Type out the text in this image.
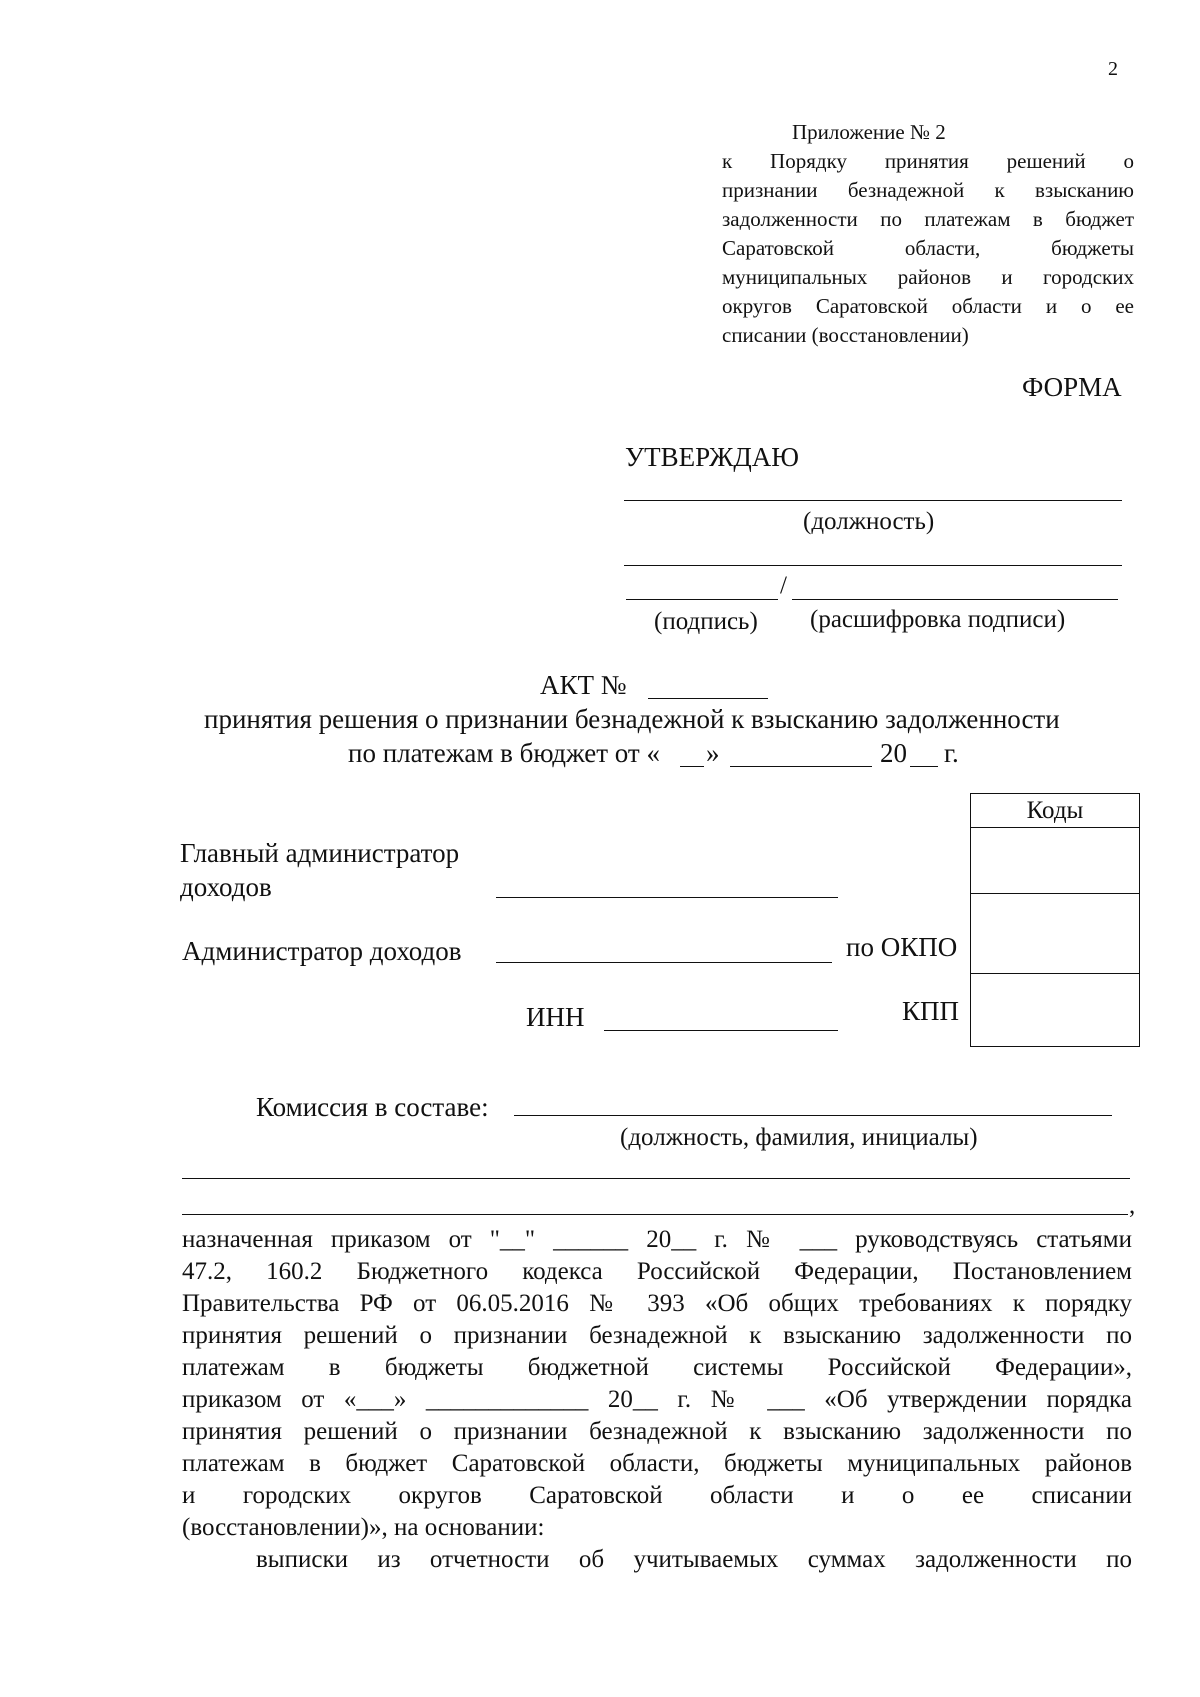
2
Приложение № 2
к Порядку принятия решений о
признании безнадежной к взысканию
задолженности по платежам в бюджет
Саратовской области, бюджеты
муниципальных районов и городских
округов Саратовской области и о ее
списании (восстановлении)
ФОРМА
УТВЕРЖДАЮ
(должность)
/
(подпись) (расшифровка подписи)
АКТ №
принятия решения о признании безнадежной к взысканию задолженности
по платежам в бюджет от « »	20 г.
Коды
Главный администратор
доходов
Администратор доходов	по ОКПО
ИНН	КПП
Комиссия в составе:
(должность, фамилия, инициалы)
,
назначенная приказом от "__" ______ 20__ г. № ___ руководствуясь статьями
47.2, 160.2 Бюджетного кодекса Российской Федерации, Постановлением
Правительства РФ от 06.05.2016 № 393 «Об общих требованиях к порядку
принятия решений о признании безнадежной к взысканию задолженности по
платежам в бюджеты бюджетной системы Российской Федерации»,
приказом от «___» _____________ 20__ г. № ___ «Об утверждении порядка
принятия решений о признании безнадежной к взысканию задолженности по
платежам в бюджет Саратовской области, бюджеты муниципальных районов
и городских округов Саратовской области и о ее списании
(восстановлении)», на основании:
выписки из отчетности об учитываемых суммах задолженности по
